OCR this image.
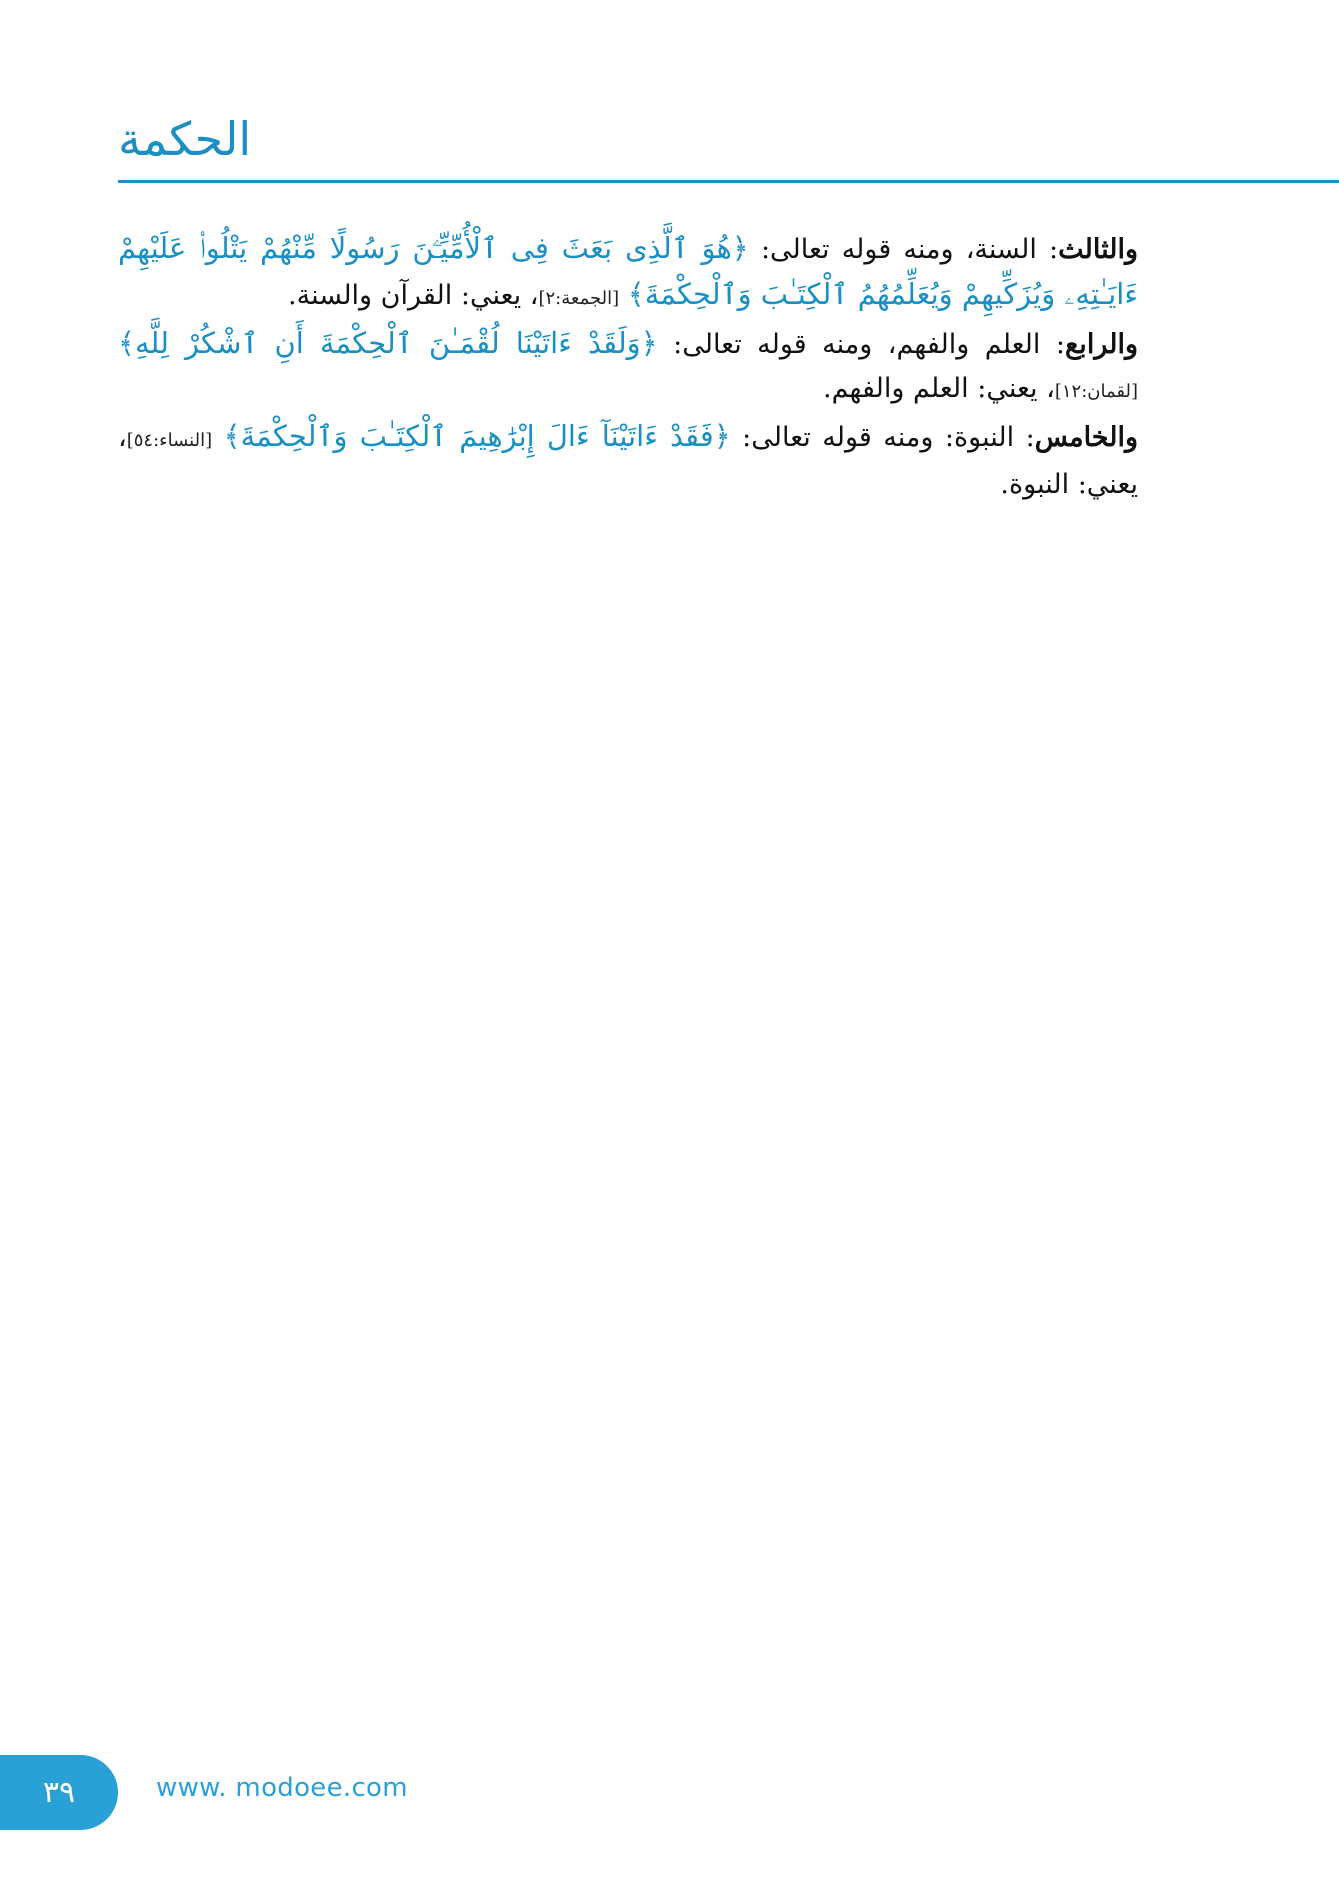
الحكمة

والثالث: السنة، ومنه قوله تعالى: ﴿هُوَ ٱلَّذِى بَعَثَ فِى ٱلْأُمِّيِّـۧنَ رَسُولًا مِّنْهُمْ يَتْلُوا۟ عَلَيْهِمْ ءَايَـٰتِهِۦ وَيُزَكِّيهِمْ وَيُعَلِّمُهُمُ ٱلْكِتَـٰبَ وَٱلْحِكْمَةَ﴾ [الجمعة:٢]، يعني: القرآن والسنة.

والرابع: العلم والفهم، ومنه قوله تعالى: ﴿وَلَقَدْ ءَاتَيْنَا لُقْمَـٰنَ ٱلْحِكْمَةَ أَنِ ٱشْكُرْ لِلَّهِ﴾ [لقمان:١٢]، يعني: العلم والفهم.

والخامس: النبوة: ومنه قوله تعالى: ﴿فَقَدْ ءَاتَيْنَآ ءَالَ إِبْرَٰهِيمَ ٱلْكِتَـٰبَ وَٱلْحِكْمَةَ﴾ [النساء:٥٤]، يعني: النبوة.

٣٩	www. modoee.com
